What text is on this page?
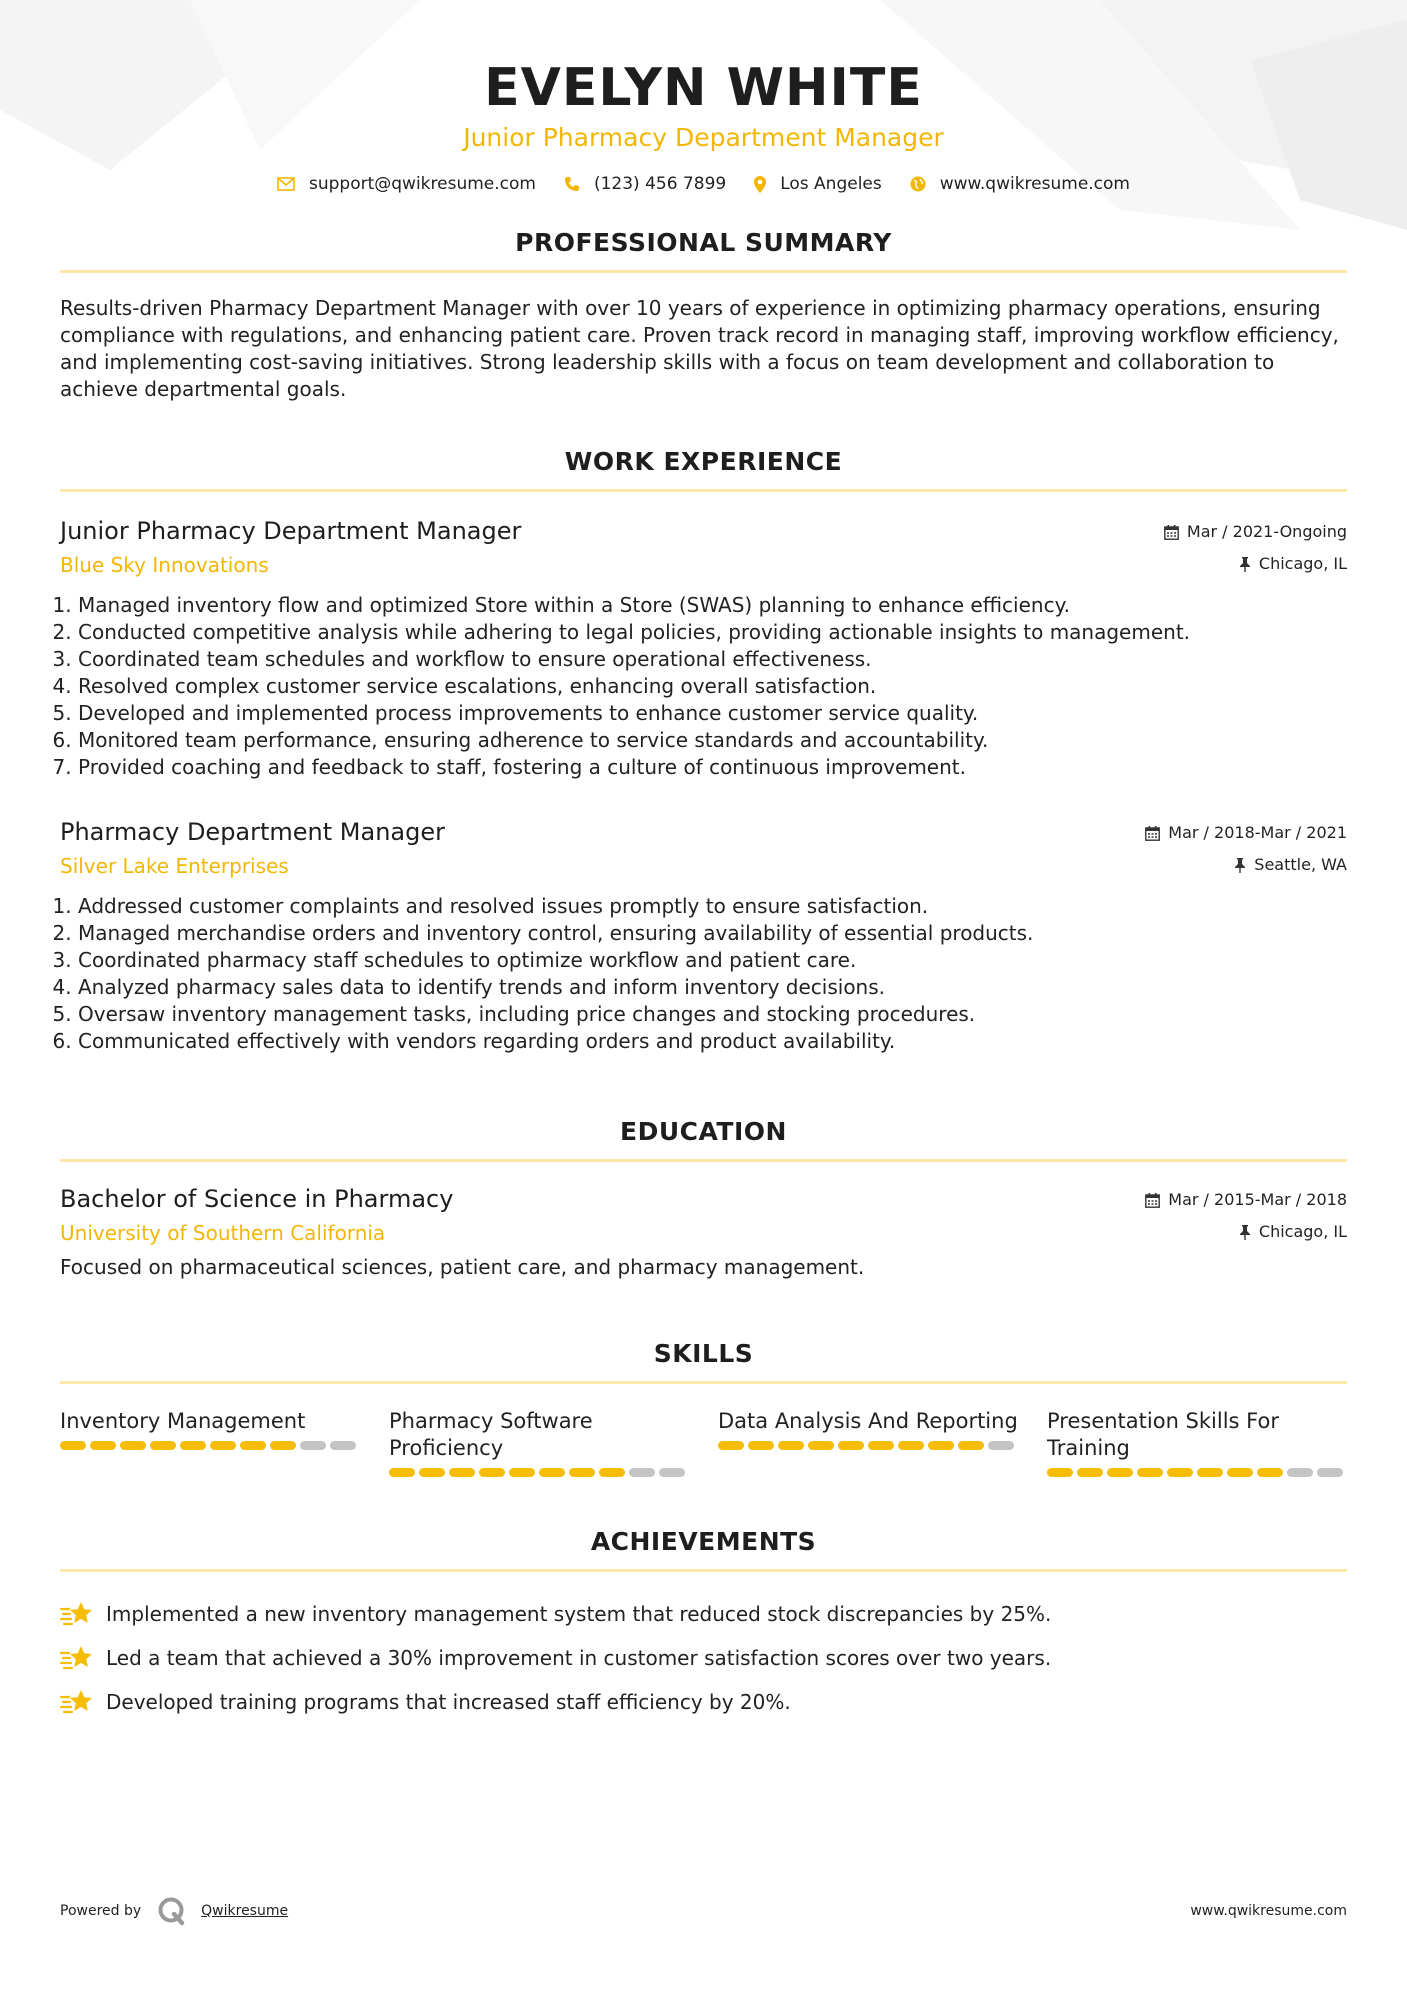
EVELYN WHITE
Junior Pharmacy Department Manager
support@qwikresume.com	(123) 456 7899	Los Angeles	www.qwikresume.com
PROFESSIONAL SUMMARY
Results-driven Pharmacy Department Manager with over 10 years of experience in optimizing pharmacy operations, ensuring compliance with regulations, and enhancing patient care. Proven track record in managing staff, improving workflow efficiency, and implementing cost-saving initiatives. Strong leadership skills with a focus on team development and collaboration to achieve departmental goals.
WORK EXPERIENCE
Junior Pharmacy Department Manager
Blue Sky Innovations
Mar / 2021-Ongoing
Chicago, IL
1. Managed inventory flow and optimized Store within a Store (SWAS) planning to enhance efficiency.
2. Conducted competitive analysis while adhering to legal policies, providing actionable insights to management.
3. Coordinated team schedules and workflow to ensure operational effectiveness.
4. Resolved complex customer service escalations, enhancing overall satisfaction.
5. Developed and implemented process improvements to enhance customer service quality.
6. Monitored team performance, ensuring adherence to service standards and accountability.
7. Provided coaching and feedback to staff, fostering a culture of continuous improvement.
Pharmacy Department Manager
Silver Lake Enterprises
Mar / 2018-Mar / 2021
Seattle, WA
1. Addressed customer complaints and resolved issues promptly to ensure satisfaction.
2. Managed merchandise orders and inventory control, ensuring availability of essential products.
3. Coordinated pharmacy staff schedules to optimize workflow and patient care.
4. Analyzed pharmacy sales data to identify trends and inform inventory decisions.
5. Oversaw inventory management tasks, including price changes and stocking procedures.
6. Communicated effectively with vendors regarding orders and product availability.
EDUCATION
Bachelor of Science in Pharmacy
University of Southern California
Mar / 2015-Mar / 2018
Chicago, IL
Focused on pharmaceutical sciences, patient care, and pharmacy management.
SKILLS
Inventory Management	Pharmacy Software Proficiency
Data Analysis And Reporting Presentation Skills For Training
ACHIEVEMENTS
Implemented a new inventory management system that reduced stock discrepancies by 25%.
Led a team that achieved a 30% improvement in customer satisfaction scores over two years.
Developed training programs that increased staff efficiency by 20%.
Powered by	Qwikresume	www.qwikresume.com
